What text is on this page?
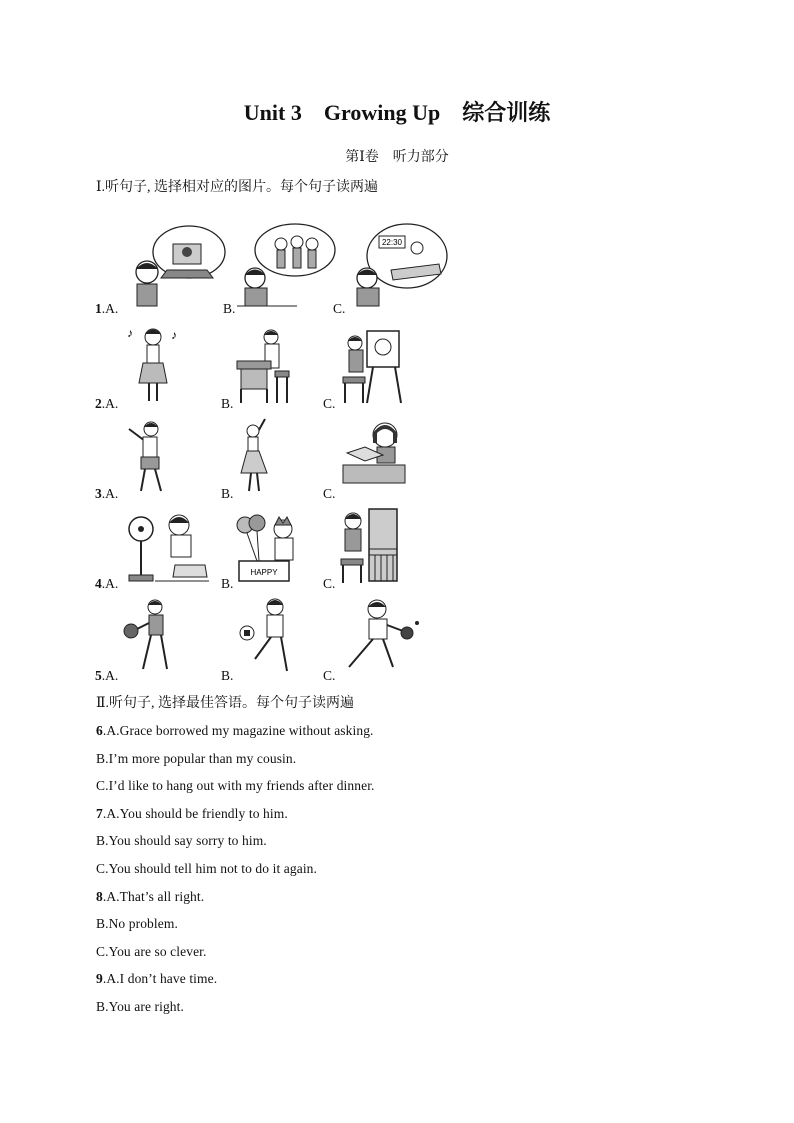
Unit 3    Growing Up    综合训练
第Ⅰ卷    听力部分
Ⅰ.听句子, 选择相对应的图片。每个句子读两遍
1.A.	B.	C.
22:30
2.A.
♪	♪
B.	C.
3.A.	B.	C.
4.A.	B.
HAPPY
C.
5.A.	B.	C.
Ⅱ.听句子, 选择最佳答语。每个句子读两遍
6.A.Grace borrowed my magazine without asking.
B.I’m more popular than my cousin.
C.I’d like to hang out with my friends after dinner.
7.A.You should be friendly to him.
B.You should say sorry to him.
C.You should tell him not to do it again.
8.A.That’s all right.
B.No problem.
C.You are so clever.
9.A.I don’t have time.
B.You are right.
